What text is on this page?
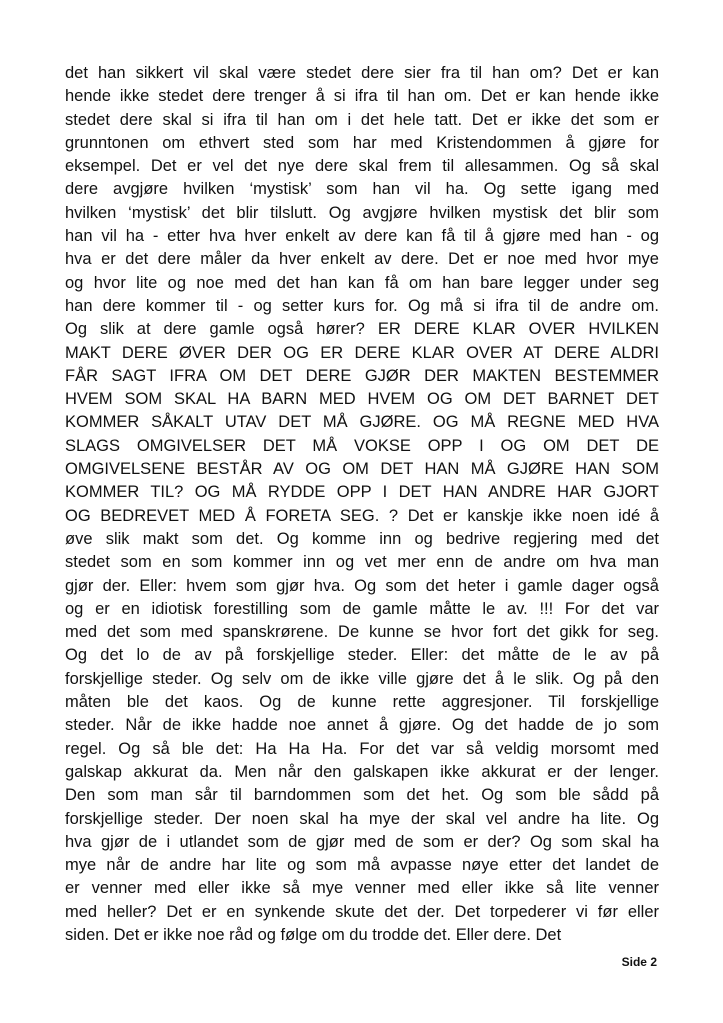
det han sikkert vil skal være stedet dere sier fra til han om? Det er kan
hende ikke stedet dere trenger å si ifra til han om. Det er kan hende ikke
stedet dere skal si ifra til han om i det hele tatt. Det er ikke det som er
grunntonen om ethvert sted som har med Kristendommen å gjøre for
eksempel. Det er vel det nye dere skal frem til allesammen. Og så skal
dere avgjøre hvilken ‘mystisk’ som han vil ha. Og sette igang med
hvilken ‘mystisk’ det blir tilslutt. Og avgjøre hvilken mystisk det blir som
han vil ha - etter hva hver enkelt av dere kan få til å gjøre med han - og
hva er det dere måler da hver enkelt av dere. Det er noe med hvor mye
og hvor lite og noe med det han kan få om han bare legger under seg
han dere kommer til - og setter kurs for. Og må si ifra til de andre om.
Og slik at dere gamle også hører? ER DERE KLAR OVER HVILKEN
MAKT DERE ØVER DER OG ER DERE KLAR OVER AT DERE ALDRI
FÅR SAGT IFRA OM DET DERE GJØR DER MAKTEN BESTEMMER
HVEM SOM SKAL HA BARN MED HVEM OG OM DET BARNET DET
KOMMER SÅKALT UTAV DET MÅ GJØRE. OG MÅ REGNE MED HVA
SLAGS OMGIVELSER DET MÅ VOKSE OPP I OG OM DET DE
OMGIVELSENE BESTÅR AV OG OM DET HAN MÅ GJØRE HAN SOM
KOMMER TIL? OG MÅ RYDDE OPP I DET HAN ANDRE HAR GJORT
OG BEDREVET MED Å FORETA SEG. ? Det er kanskje ikke noen idé å
øve slik makt som det. Og komme inn og bedrive regjering med det
stedet som en som kommer inn og vet mer enn de andre om hva man
gjør der. Eller: hvem som gjør hva. Og som det heter i gamle dager også
og er en idiotisk forestilling som de gamle måtte le av. !!! For det var
med det som med spanskrørene. De kunne se hvor fort det gikk for seg.
Og det lo de av på forskjellige steder. Eller: det måtte de le av på
forskjellige steder. Og selv om de ikke ville gjøre det å le slik. Og på den
måten ble det kaos. Og de kunne rette aggresjoner. Til forskjellige
steder. Når de ikke hadde noe annet å gjøre. Og det hadde de jo som
regel. Og så ble det: Ha Ha Ha. For det var så veldig morsomt med
galskap akkurat da. Men når den galskapen ikke akkurat er der lenger.
Den som man sår til barndommen som det het. Og som ble sådd på
forskjellige steder. Der noen skal ha mye der skal vel andre ha lite. Og
hva gjør de i utlandet som de gjør med de som er der? Og som skal ha
mye når de andre har lite og som må avpasse nøye etter det landet de
er venner med eller ikke så mye venner med eller ikke så lite venner
med heller? Det er en synkende skute det der. Det torpederer vi før eller
siden. Det er ikke noe råd og følge om du trodde det. Eller dere. Det
Side 2
